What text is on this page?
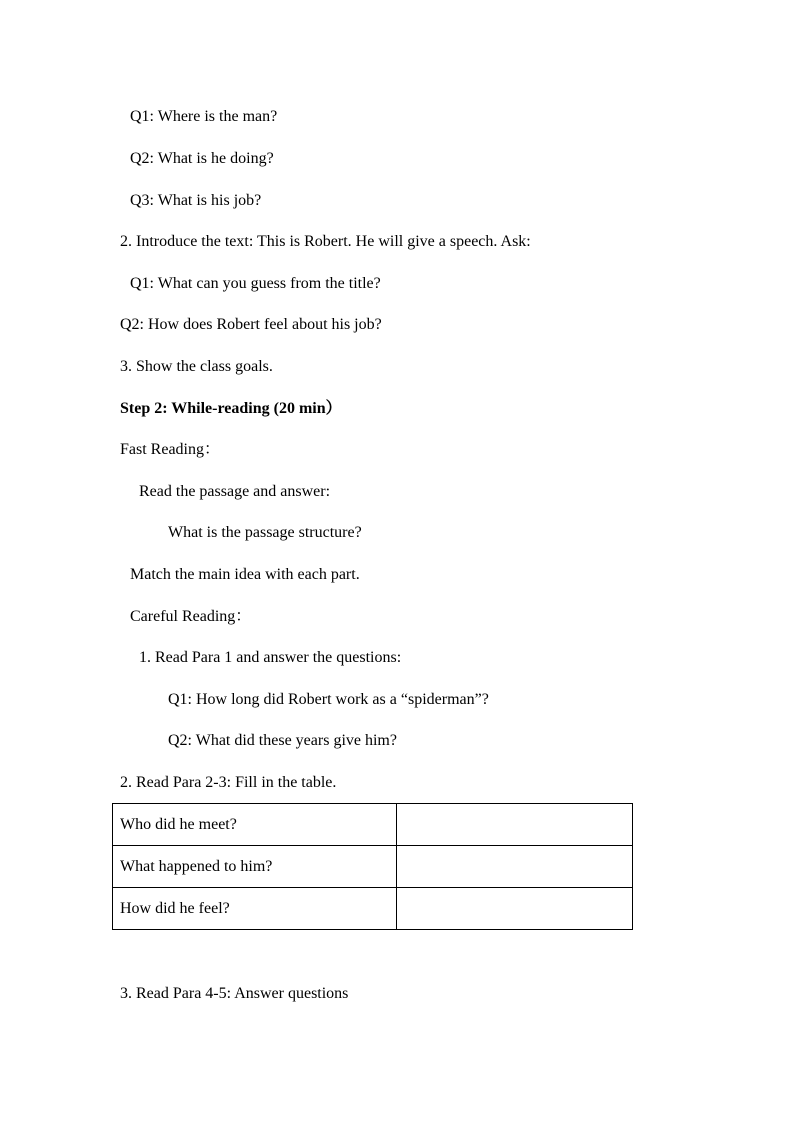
Q1: Where is the man?
Q2: What is he doing?
Q3: What is his job?
2. Introduce the text: This is Robert. He will give a speech. Ask:
Q1: What can you guess from the title?
Q2: How does Robert feel about his job?
3. Show the class goals.
Step 2: While-reading (20 min）
Fast Reading：
Read the passage and answer:
What is the passage structure?
Match the main idea with each part.
Careful Reading：
1. Read Para 1 and answer the questions:
Q1: How long did Robert work as a “spiderman”?
Q2: What did these years give him?
2. Read Para 2-3: Fill in the table.
Who did he meet?	
What happened to him?	
How did he feel?	
3. Read Para 4-5: Answer questions
